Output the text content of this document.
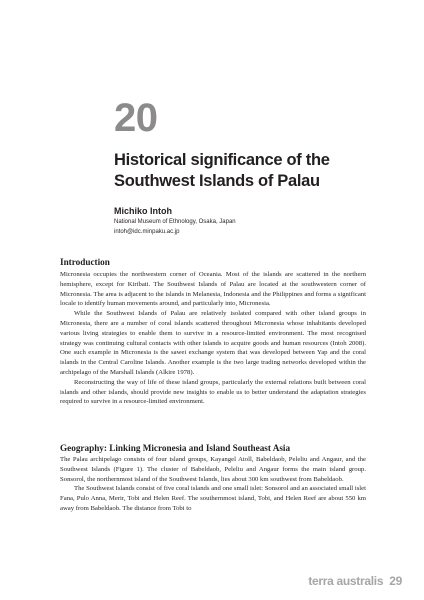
20
Historical significance of the Southwest Islands of Palau
Michiko Intoh
National Museum of Ethnology, Osaka, Japan
intoh@idc.minpaku.ac.jp
Introduction

Micronesia occupies the northwestern corner of Oceania. Most of the islands are scattered in the northern hemisphere, except for Kiribati. The Southwest Islands of Palau are located at the southwestern corner of Micronesia. The area is adjacent to the islands in Melanesia, Indonesia and the Philippines and forms a significant locale to identify human movements around, and particularly into, Micronesia.

While the Southwest Islands of Palau are relatively isolated compared with other island groups in Micronesia, there are a number of coral islands scattered throughout Micronesia whose inhabitants developed various living strategies to enable them to survive in a resource-limited environment. The most recognised strategy was continuing cultural contacts with other islands to acquire goods and human resources (Intoh 2008). One such example in Micronesia is the sawei exchange system that was developed between Yap and the coral islands in the Central Caroline Islands. Another example is the two large trading networks developed within the archipelago of the Marshall Islands (Alkire 1978).

Reconstructing the way of life of these island groups, particularly the external relations built between coral islands and other islands, should provide new insights to enable us to better understand the adaptation strategies required to survive in a resource-limited environment.

Geography: Linking Micronesia and Island Southeast Asia

The Palau archipelago consists of four island groups, Kayangel Atoll, Babeldaob, Peleliu and Angaur, and the Southwest Islands (Figure 1). The cluster of Babeldaob, Peleliu and Angaur forms the main island group. Sonsorol, the northernmost island of the Southwest Islands, lies about 300 km southwest from Babeldaob.

The Southwest Islands consist of five coral islands and one small islet: Sonsorol and an associated small islet Fana, Pulo Anna, Merir, Tobi and Helen Reef. The southernmost island, Tobi, and Helen Reef are about 550 km away from Babeldaob. The distance from Tobi to

terra australis 29
